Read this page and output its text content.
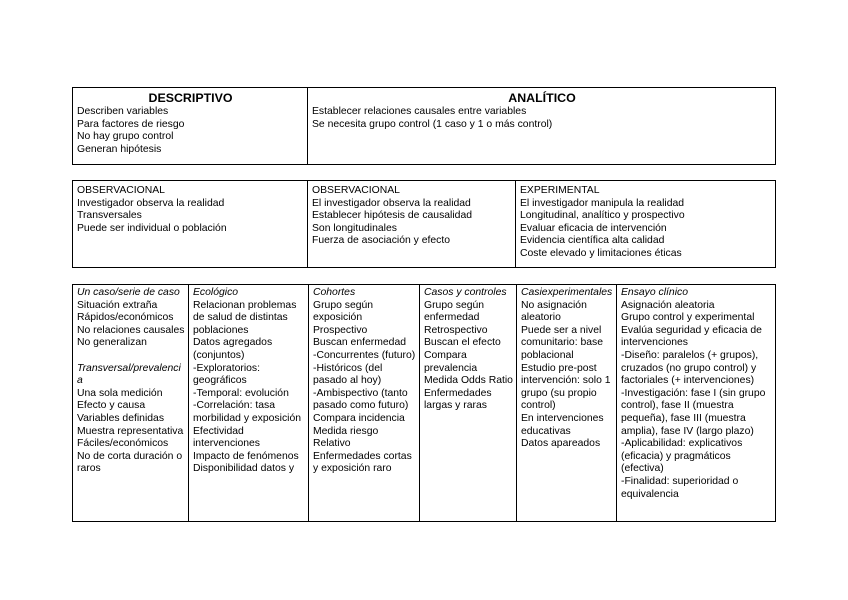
DESCRIPTIVO
Describen variables
Para factores de riesgo
No hay grupo control
Generan hipótesis
ANALÍTICO
Establecer relaciones causales entre variables
Se necesita grupo control (1 caso y 1 o más control)
OBSERVACIONAL
Investigador observa la realidad
Transversales
Puede ser individual o población
OBSERVACIONAL
El investigador observa la realidad
Establecer hipótesis de causalidad
Son longitudinales
Fuerza de asociación y efecto
EXPERIMENTAL
El investigador manipula la realidad
Longitudinal, analítico y prospectivo
Evaluar eficacia de intervención
Evidencia científica alta calidad
Coste elevado y limitaciones éticas
Un caso/serie de caso
Situación extraña
Rápidos/económicos
No relaciones causales
No generalizan
Transversal/prevalencia
Una sola medición
Efecto y causa
Variables definidas
Muestra representativa
Fáciles/económicos
No de corta duración o raros
Ecológico
Relacionan problemas de salud de distintas poblaciones
Datos agregados (conjuntos)
-Exploratorios: geográficos
-Temporal: evolución
-Correlación: tasa morbilidad y exposición
Efectividad intervenciones
Impacto de fenómenos
Disponibilidad datos y
Cohortes
Grupo según exposición
Prospectivo
Buscan enfermedad
-Concurrentes (futuro)
-Históricos (del pasado al hoy)
-Ambispectivo (tanto pasado como futuro)
Compara incidencia
Medida riesgo Relativo
Enfermedades cortas y exposición raro
Casos y controles
Grupo según enfermedad
Retrospectivo
Buscan el efecto
Compara prevalencia
Medida Odds Ratio
Enfermedades largas y raras
Casiexperimentales
No asignación aleatorio
Puede ser a nivel comunitario: base poblacional
Estudio pre-post intervención: solo 1 grupo (su propio control)
En intervenciones educativas
Datos apareados
Ensayo clínico
Asignación aleatoria
Grupo control y experimental
Evalúa seguridad y eficacia de intervenciones
-Diseño: paralelos (+ grupos), cruzados (no grupo control) y factoriales (+ intervenciones)
-Investigación: fase I (sin grupo control), fase II (muestra pequeña), fase III (muestra amplia), fase IV (largo plazo)
-Aplicabilidad: explicativos (eficacia) y pragmáticos (efectiva)
-Finalidad: superioridad o equivalencia
